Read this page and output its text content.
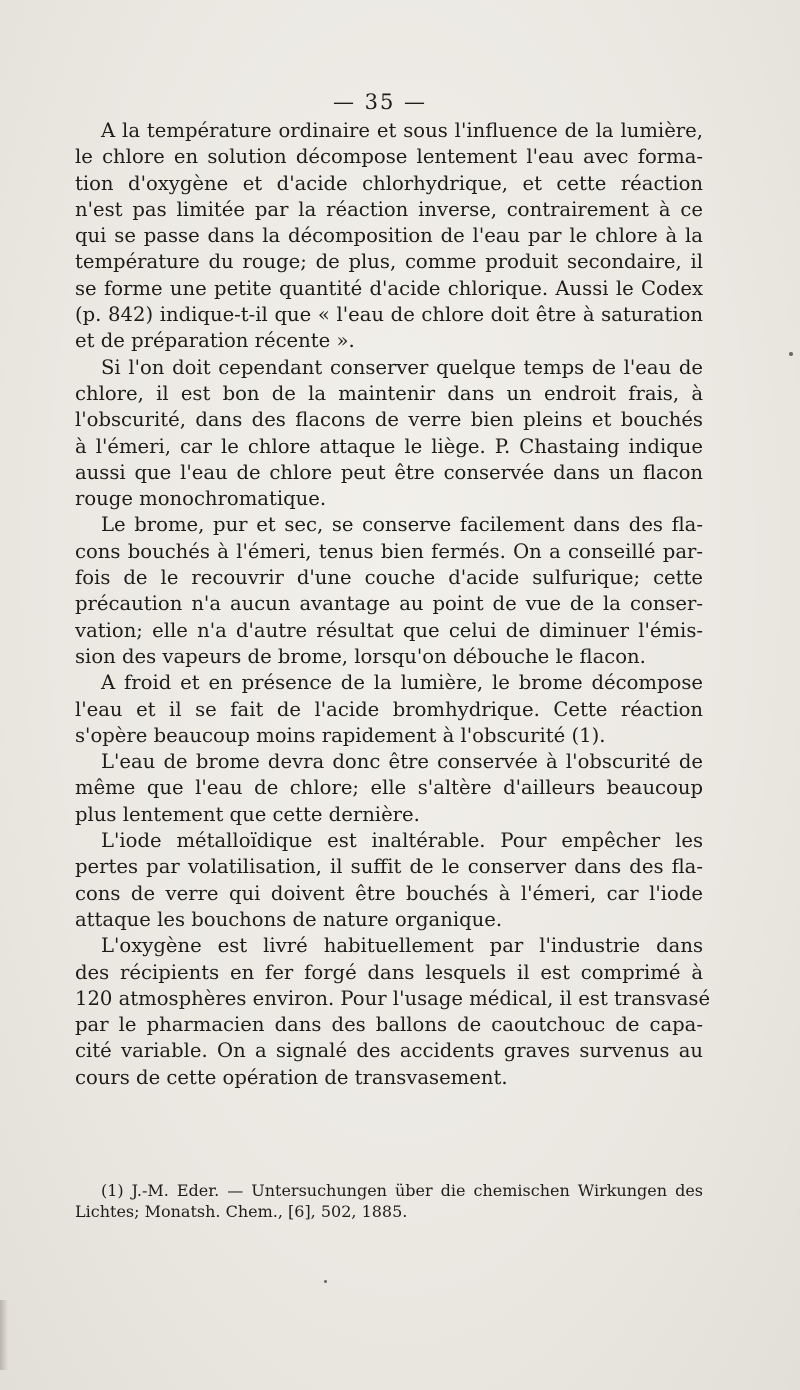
— 35 —
A la température ordinaire et sous l'influence de la lumière,
le chlore en solution décompose lentement l'eau avec forma-
tion d'oxygène et d'acide chlorhydrique, et cette réaction
n'est pas limitée par la réaction inverse, contrairement à ce
qui se passe dans la décomposition de l'eau par le chlore à la
température du rouge; de plus, comme produit secondaire, il
se forme une petite quantité d'acide chlorique. Aussi le Codex
(p. 842) indique-t-il que « l'eau de chlore doit être à saturation
et de préparation récente ».
Si l'on doit cependant conserver quelque temps de l'eau de
chlore, il est bon de la maintenir dans un endroit frais, à
l'obscurité, dans des flacons de verre bien pleins et bouchés
à l'émeri, car le chlore attaque le liège. P. Chastaing indique
aussi que l'eau de chlore peut être conservée dans un flacon
rouge monochromatique.
Le brome, pur et sec, se conserve facilement dans des fla-
cons bouchés à l'émeri, tenus bien fermés. On a conseillé par-
fois de le recouvrir d'une couche d'acide sulfurique; cette
précaution n'a aucun avantage au point de vue de la conser-
vation; elle n'a d'autre résultat que celui de diminuer l'émis-
sion des vapeurs de brome, lorsqu'on débouche le flacon.
A froid et en présence de la lumière, le brome décompose
l'eau et il se fait de l'acide bromhydrique. Cette réaction
s'opère beaucoup moins rapidement à l'obscurité (1).
L'eau de brome devra donc être conservée à l'obscurité de
même que l'eau de chlore; elle s'altère d'ailleurs beaucoup
plus lentement que cette dernière.
L'iode métalloïdique est inaltérable. Pour empêcher les
pertes par volatilisation, il suffit de le conserver dans des fla-
cons de verre qui doivent être bouchés à l'émeri, car l'iode
attaque les bouchons de nature organique.
L'oxygène est livré habituellement par l'industrie dans
des récipients en fer forgé dans lesquels il est comprimé à
120 atmosphères environ. Pour l'usage médical, il est transvasé
par le pharmacien dans des ballons de caoutchouc de capa-
cité variable. On a signalé des accidents graves survenus au
cours de cette opération de transvasement.
(1) J.-M. Eder. — Untersuchungen über die chemischen Wirkungen des
Lichtes; Monatsh. Chem., [6], 502, 1885.
